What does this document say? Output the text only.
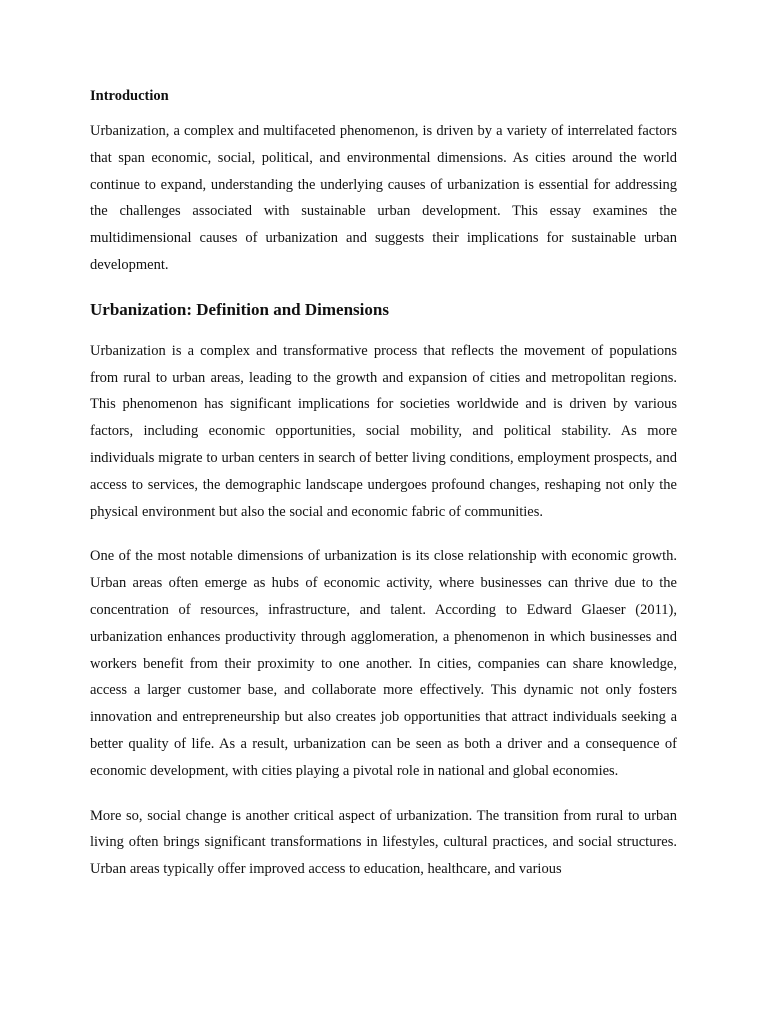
Introduction

Urbanization, a complex and multifaceted phenomenon, is driven by a variety of interrelated factors that span economic, social, political, and environmental dimensions. As cities around the world continue to expand, understanding the underlying causes of urbanization is essential for addressing the challenges associated with sustainable urban development. This essay examines the multidimensional causes of urbanization and suggests their implications for sustainable urban development.

Urbanization: Definition and Dimensions

Urbanization is a complex and transformative process that reflects the movement of populations from rural to urban areas, leading to the growth and expansion of cities and metropolitan regions. This phenomenon has significant implications for societies worldwide and is driven by various factors, including economic opportunities, social mobility, and political stability. As more individuals migrate to urban centers in search of better living conditions, employment prospects, and access to services, the demographic landscape undergoes profound changes, reshaping not only the physical environment but also the social and economic fabric of communities.

One of the most notable dimensions of urbanization is its close relationship with economic growth. Urban areas often emerge as hubs of economic activity, where businesses can thrive due to the concentration of resources, infrastructure, and talent. According to Edward Glaeser (2011), urbanization enhances productivity through agglomeration, a phenomenon in which businesses and workers benefit from their proximity to one another. In cities, companies can share knowledge, access a larger customer base, and collaborate more effectively. This dynamic not only fosters innovation and entrepreneurship but also creates job opportunities that attract individuals seeking a better quality of life. As a result, urbanization can be seen as both a driver and a consequence of economic development, with cities playing a pivotal role in national and global economies.

More so, social change is another critical aspect of urbanization. The transition from rural to urban living often brings significant transformations in lifestyles, cultural practices, and social structures. Urban areas typically offer improved access to education, healthcare, and various
